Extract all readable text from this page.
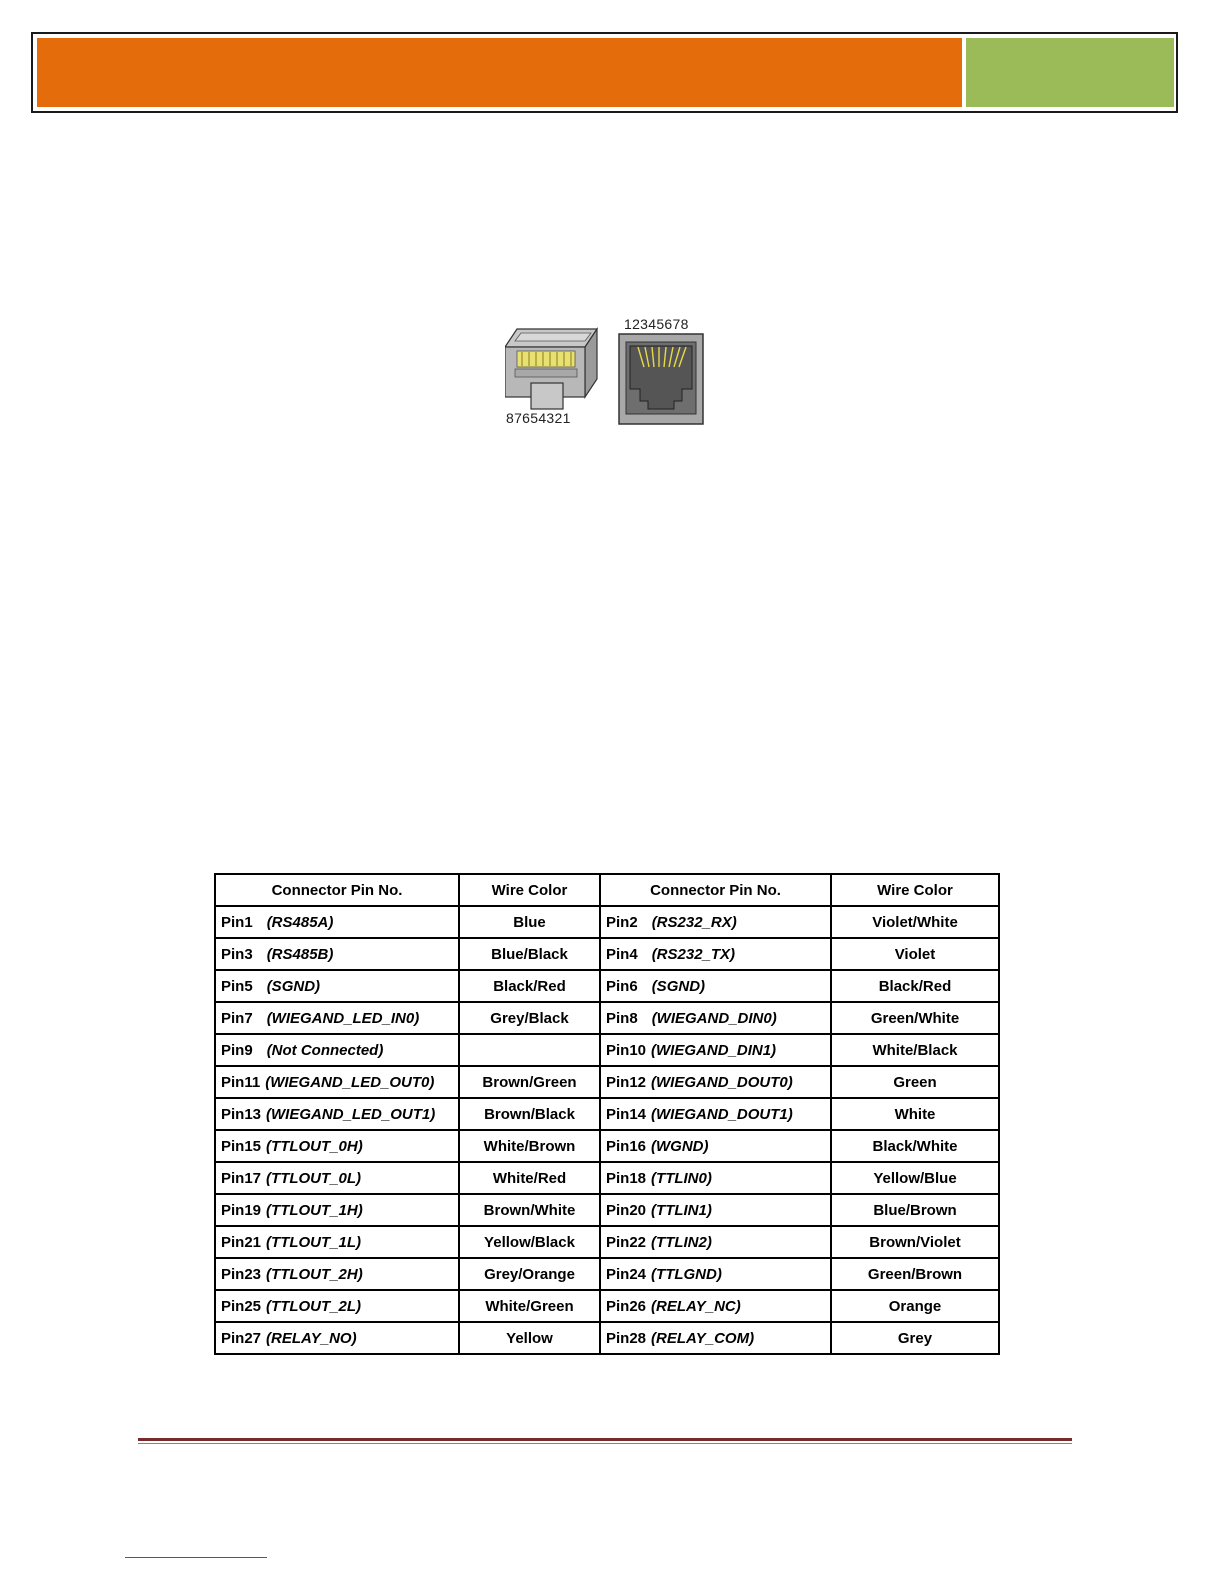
87654321
12345678
Connector Pin No.	Wire Color	Connector Pin No.	Wire Color
Pin1 (RS485A)	Blue	Pin2 (RS232_RX)	Violet/White
Pin3 (RS485B)	Blue/Black	Pin4 (RS232_TX)	Violet
Pin5 (SGND)	Black/Red	Pin6 (SGND)	Black/Red
Pin7 (WIEGAND_LED_IN0)	Grey/Black	Pin8 (WIEGAND_DIN0)	Green/White
Pin9 (Not Connected)		Pin10 (WIEGAND_DIN1)	White/Black
Pin11 (WIEGAND_LED_OUT0)	Brown/Green	Pin12 (WIEGAND_DOUT0)	Green
Pin13 (WIEGAND_LED_OUT1)	Brown/Black	Pin14 (WIEGAND_DOUT1)	White
Pin15 (TTLOUT_0H)	White/Brown	Pin16 (WGND)	Black/White
Pin17 (TTLOUT_0L)	White/Red	Pin18 (TTLIN0)	Yellow/Blue
Pin19 (TTLOUT_1H)	Brown/White	Pin20 (TTLIN1)	Blue/Brown
Pin21 (TTLOUT_1L)	Yellow/Black	Pin22 (TTLIN2)	Brown/Violet
Pin23 (TTLOUT_2H)	Grey/Orange	Pin24 (TTLGND)	Green/Brown
Pin25 (TTLOUT_2L)	White/Green	Pin26 (RELAY_NC)	Orange
Pin27 (RELAY_NO)	Yellow	Pin28 (RELAY_COM)	Grey
